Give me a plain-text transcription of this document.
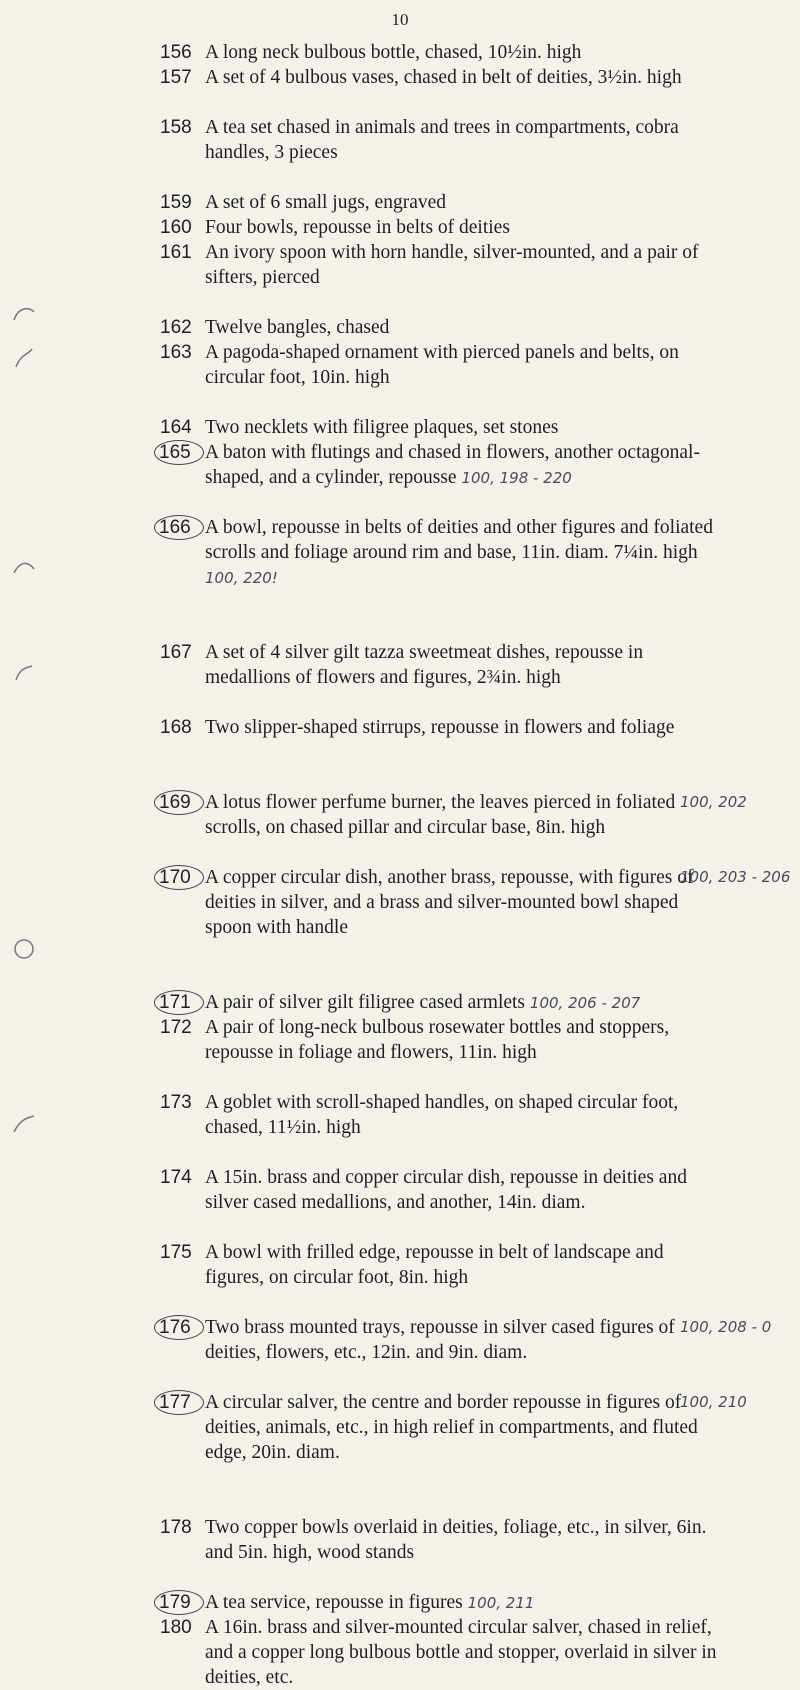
10
156 A long neck bulbous bottle, chased, 10½in. high
157 A set of 4 bulbous vases, chased in belt of deities, 3½in. high
158 A tea set chased in animals and trees in compartments, cobra handles, 3 pieces
159 A set of 6 small jugs, engraved
160 Four bowls, repousse in belts of deities
161 An ivory spoon with horn handle, silver-mounted, and a pair of sifters, pierced
162 Twelve bangles, chased
163 A pagoda-shaped ornament with pierced panels and belts, on circular foot, 10in. high
164 Two necklets with filigree plaques, set stones
165 A baton with flutings and chased in flowers, another octagonal-shaped, and a cylinder, repousse 100, 198 - 220
166 A bowl, repousse in belts of deities and other figures and foliated scrolls and foliage around rim and base, 11in. diam. 7¼in. high 100, 220!
167 A set of 4 silver gilt tazza sweetmeat dishes, repousse in medallions of flowers and figures, 2¾in. high
168 Two slipper-shaped stirrups, repousse in flowers and foliage
169 A lotus flower perfume burner, the leaves pierced in foliated scrolls, on chased pillar and circular base, 8in. high
100, 202
170 A copper circular dish, another brass, repousse, with figures of deities in silver, and a brass and silver-mounted bowl shaped spoon with handle
100, 203 - 206
171 A pair of silver gilt filigree cased armlets 100, 206 - 207
172 A pair of long-neck bulbous rosewater bottles and stoppers, repousse in foliage and flowers, 11in. high
173 A goblet with scroll-shaped handles, on shaped circular foot, chased, 11½in. high
174 A 15in. brass and copper circular dish, repousse in deities and silver cased medallions, and another, 14in. diam.
175 A bowl with frilled edge, repousse in belt of landscape and figures, on circular foot, 8in. high
176 Two brass mounted trays, repousse in silver cased figures of deities, flowers, etc., 12in. and 9in. diam.
100, 208 - 0
177 A circular salver, the centre and border repousse in figures of deities, animals, etc., in high relief in compartments, and fluted edge, 20in. diam.
100, 210
178 Two copper bowls overlaid in deities, foliage, etc., in silver, 6in. and 5in. high, wood stands
179 A tea service, repousse in figures 100, 211
180 A 16in. brass and silver-mounted circular salver, chased in relief, and a copper long bulbous bottle and stopper, overlaid in silver in deities, etc.
